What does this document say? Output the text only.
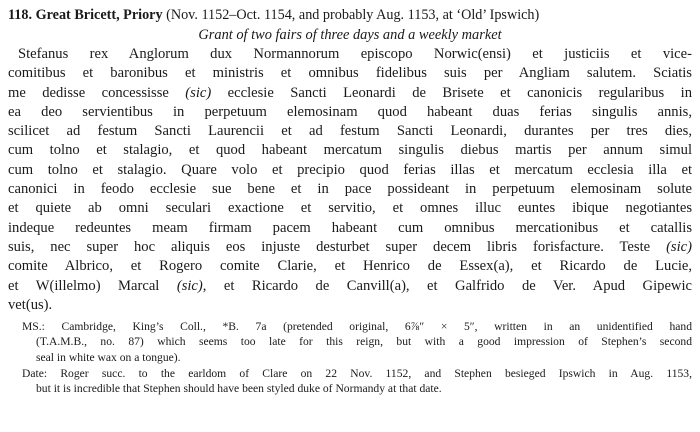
118. Great Bricett, Priory (Nov. 1152–Oct. 1154, and probably Aug. 1153, at ‘Old’ Ipswich)

Grant of two fairs of three days and a weekly market

Stefanus rex Anglorum dux Normannorum episcopo Norwic(ensi) et justiciis et vice-
comitibus et baronibus et ministris et omnibus fidelibus suis per Angliam salutem. Sciatis
me dedisse concessisse (sic) ecclesie Sancti Leonardi de Brisete et canonicis regularibus in
ea deo servientibus in perpetuum elemosinam quod habeant duas ferias singulis annis,
scilicet ad festum Sancti Laurencii et ad festum Sancti Leonardi, durantes per tres dies,
cum tolno et stalagio, et quod habeant mercatum singulis diebus martis per annum simul
cum tolno et stalagio. Quare volo et precipio quod ferias illas et mercatum ecclesia illa et
canonici in feodo ecclesie sue bene et in pace possideant in perpetuum elemosinam solute
et quiete ab omni seculari exactione et servitio, et omnes illuc euntes ibique negotiantes
indeque redeuntes meam firmam pacem habeant cum omnibus mercationibus et catallis
suis, nec super hoc aliquis eos injuste desturbet super decem libris forisfacture. Teste (sic)
comite Albrico, et Rogero comite Clarie, et Henrico de Essex(a), et Ricardo de Lucie,
et W(illelmo) Marcal (sic), et Ricardo de Canvill(a), et Galfrido de Ver. Apud Gipewic
vet(us).
MS.: Cambridge, King’s Coll., *B. 7a (pretended original, 6⅞″ × 5″, written in an unidentified hand
(T.A.M.B., no. 87) which seems too late for this reign, but with a good impression of Stephen’s second
seal in white wax on a tongue).
Date: Roger succ. to the earldom of Clare on 22 Nov. 1152, and Stephen besieged Ipswich in Aug. 1153,
but it is incredible that Stephen should have been styled duke of Normandy at that date.
